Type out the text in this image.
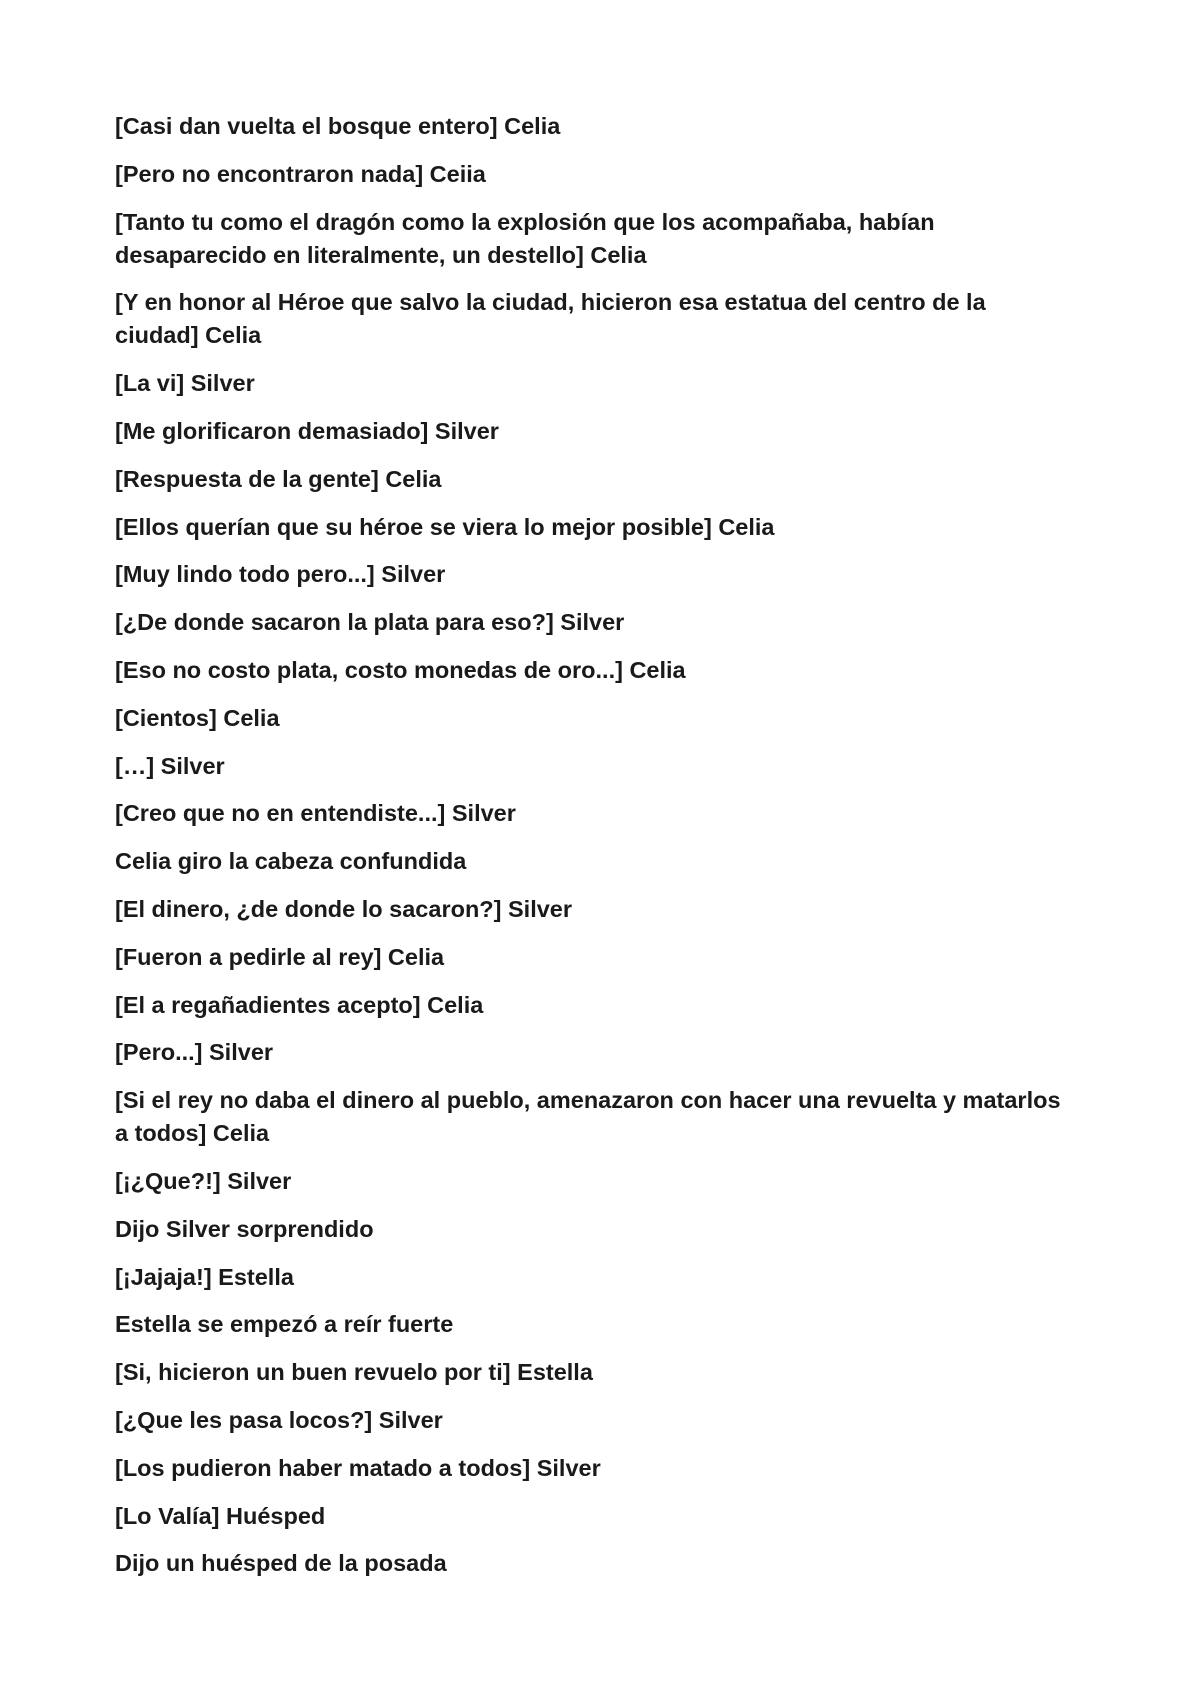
[Casi dan vuelta el bosque entero] Celia

[Pero no encontraron nada] Ceiia

[Tanto tu como el dragón como la explosión que los acompañaba, habían desaparecido en literalmente, un destello] Celia

[Y en honor al Héroe que salvo la ciudad, hicieron esa estatua del centro de la ciudad] Celia

[La vi] Silver

[Me glorificaron demasiado] Silver

[Respuesta de la gente] Celia

[Ellos querían que su héroe se viera lo mejor posible] Celia

[Muy lindo todo pero...] Silver

[¿De donde sacaron la plata para eso?] Silver

[Eso no costo plata, costo monedas de oro...] Celia

[Cientos] Celia

[…] Silver

[Creo que no en entendiste...] Silver

Celia giro la cabeza confundida

[El dinero, ¿de donde lo sacaron?] Silver

[Fueron a pedirle al rey] Celia

[El a regañadientes acepto] Celia

[Pero...] Silver

[Si el rey no daba el dinero al pueblo, amenazaron con hacer una revuelta y matarlos a todos] Celia

[¡¿Que?!] Silver

Dijo Silver sorprendido

[¡Jajaja!] Estella

Estella se empezó a reír fuerte

[Si, hicieron un buen revuelo por ti] Estella

[¿Que les pasa locos?] Silver

[Los pudieron haber matado a todos] Silver

[Lo Valía] Huésped

Dijo un huésped de la posada
